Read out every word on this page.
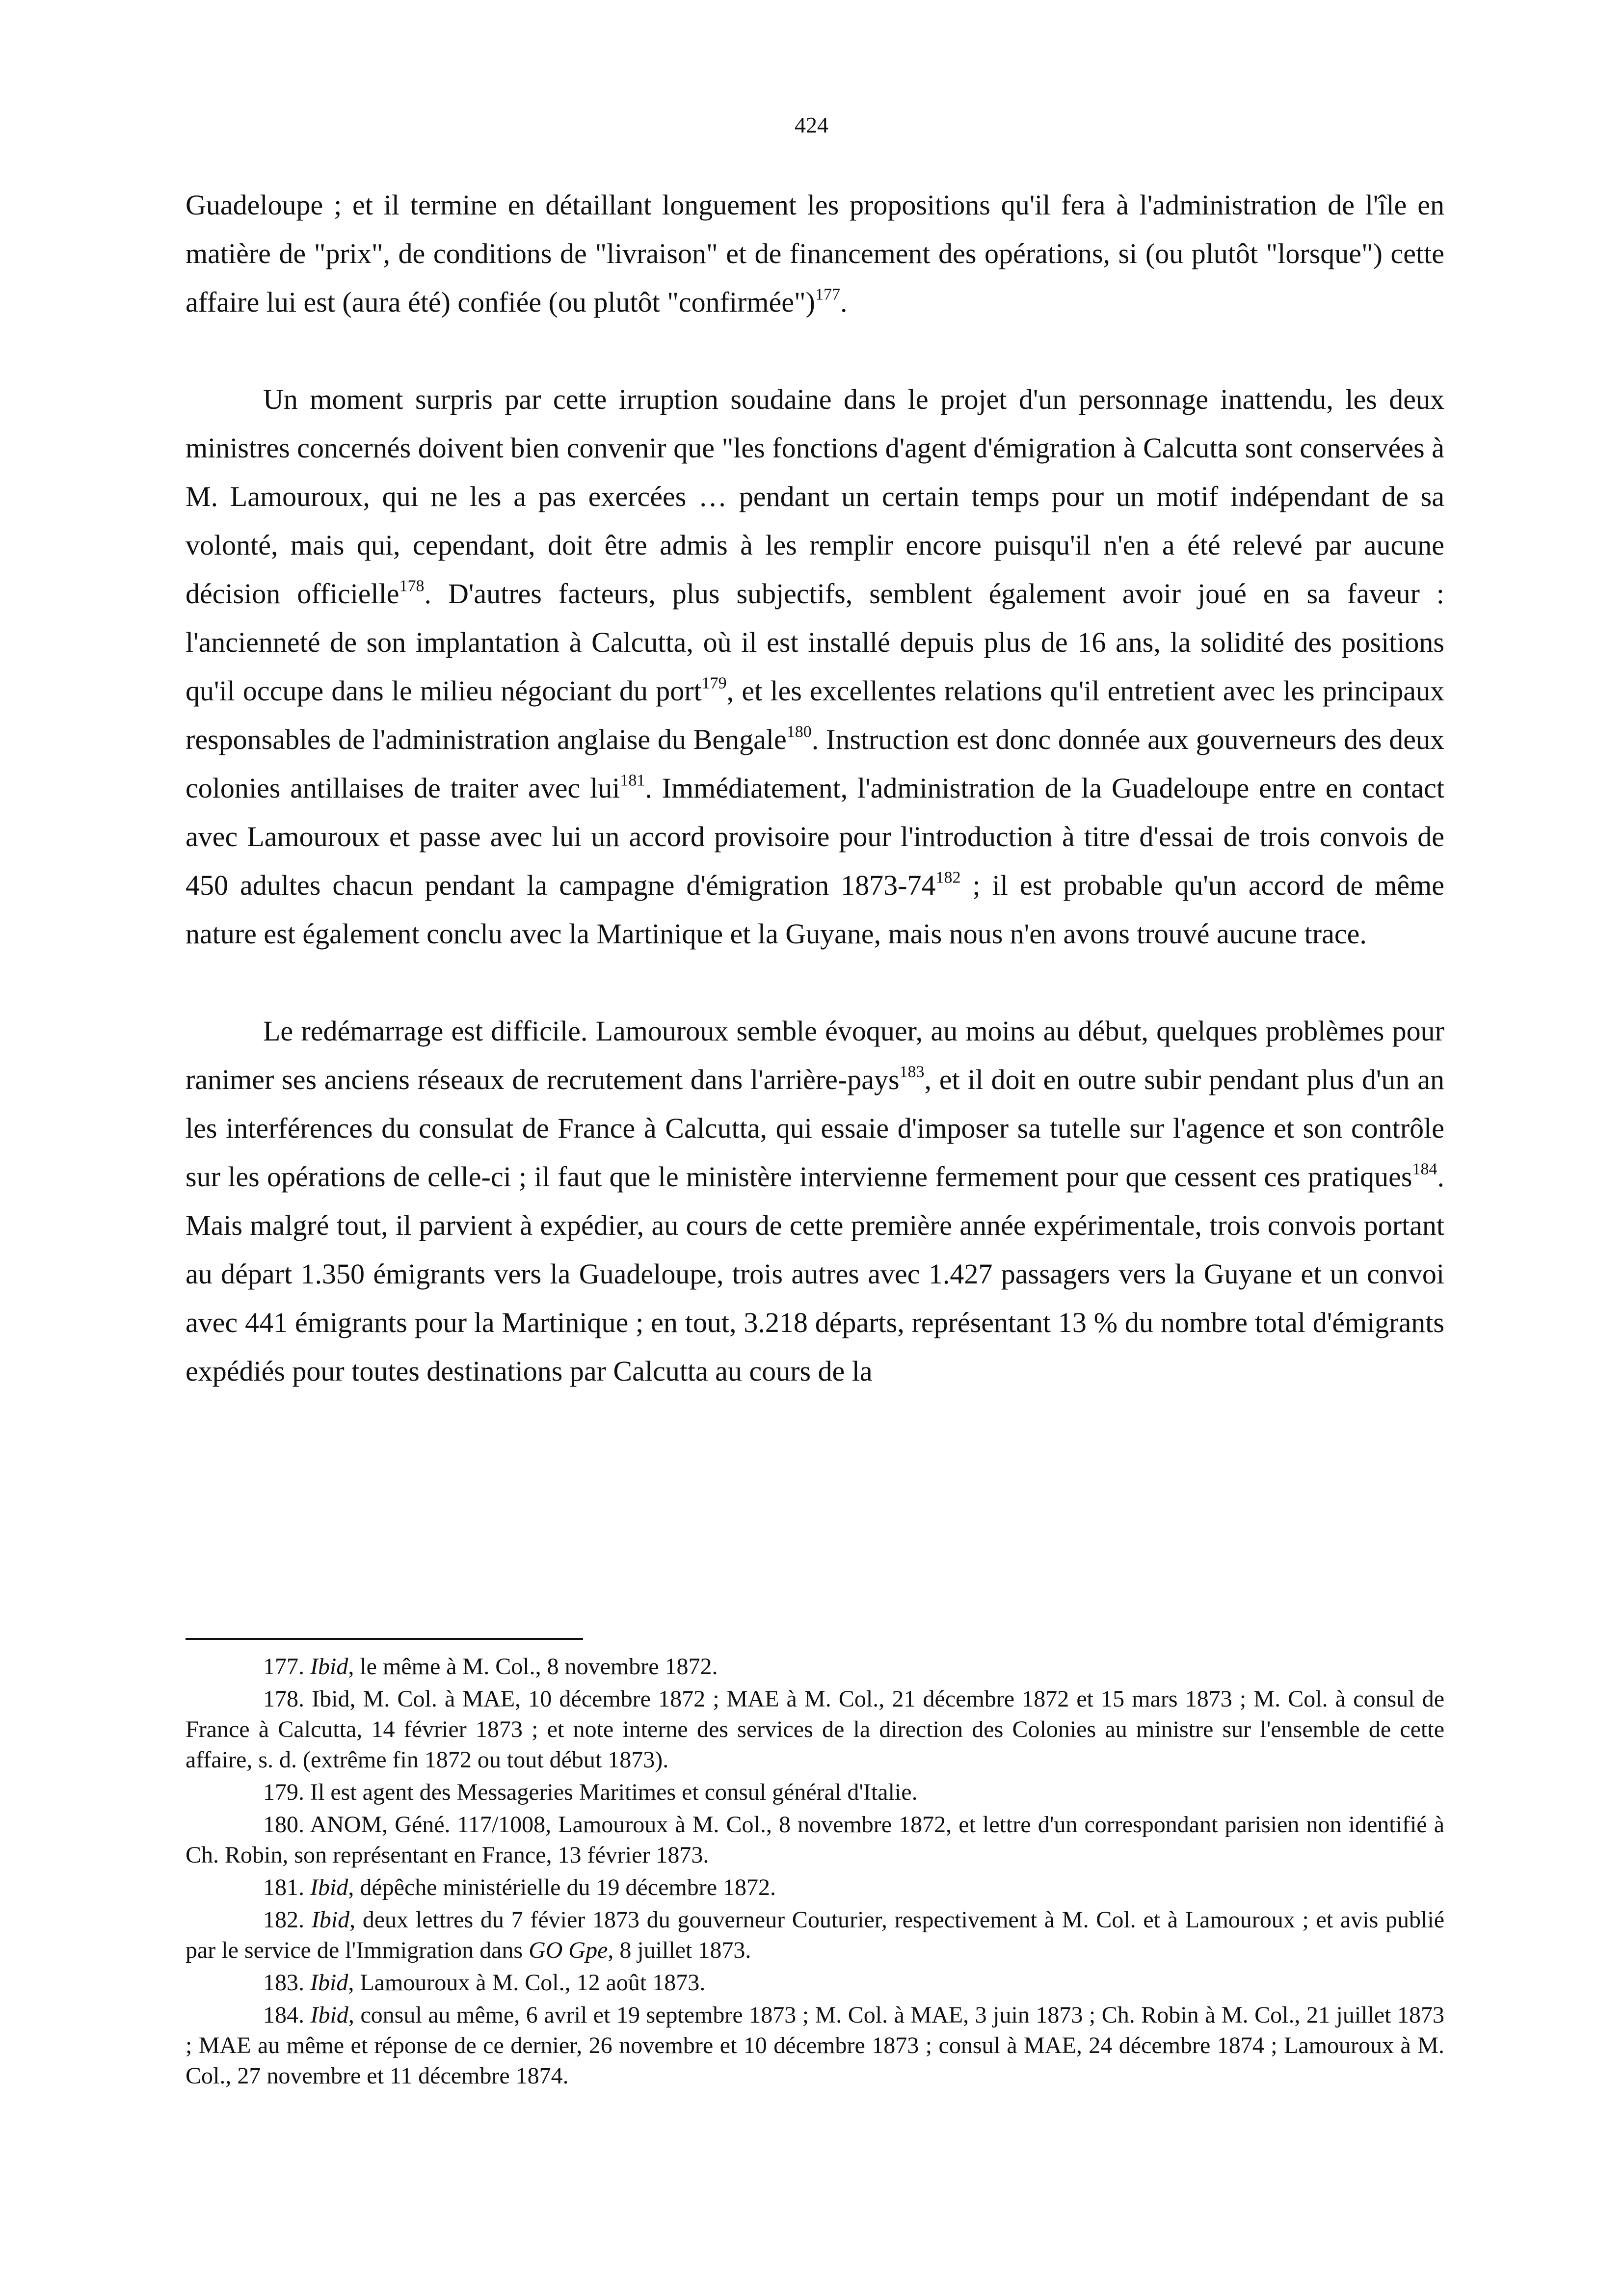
424

Guadeloupe ; et il termine en détaillant longuement les propositions qu'il fera à l'administration de l'île en matière de "prix", de conditions de "livraison" et de financement des opérations, si (ou plutôt "lorsque") cette affaire lui est (aura été) confiée (ou plutôt "confirmée")$^{177}$.

Un moment surpris par cette irruption soudaine dans le projet d'un personnage inattendu, les deux ministres concernés doivent bien convenir que "les fonctions d'agent d'émigration à Calcutta sont conservées à M. Lamouroux, qui ne les a pas exercées … pendant un certain temps pour un motif indépendant de sa volonté, mais qui, cependant, doit être admis à les remplir encore puisqu'il n'en a été relevé par aucune décision officielle$^{178}$. D'autres facteurs, plus subjectifs, semblent également avoir joué en sa faveur : l'ancienneté de son implantation à Calcutta, où il est installé depuis plus de 16 ans, la solidité des positions qu'il occupe dans le milieu négociant du port$^{179}$, et les excellentes relations qu'il entretient avec les principaux responsables de l'administration anglaise du Bengale$^{180}$. Instruction est donc donnée aux gouverneurs des deux colonies antillaises de traiter avec lui$^{181}$. Immédiatement, l'administration de la Guadeloupe entre en contact avec Lamouroux et passe avec lui un accord provisoire pour l'introduction à titre d'essai de trois convois de 450 adultes chacun pendant la campagne d'émigration 1873-74$^{182}$ ; il est probable qu'un accord de même nature est également conclu avec la Martinique et la Guyane, mais nous n'en avons trouvé aucune trace.

Le redémarrage est difficile. Lamouroux semble évoquer, au moins au début, quelques problèmes pour ranimer ses anciens réseaux de recrutement dans l'arrière-pays$^{183}$, et il doit en outre subir pendant plus d'un an les interférences du consulat de France à Calcutta, qui essaie d'imposer sa tutelle sur l'agence et son contrôle sur les opérations de celle-ci ; il faut que le ministère intervienne fermement pour que cessent ces pratiques$^{184}$. Mais malgré tout, il parvient à expédier, au cours de cette première année expérimentale, trois convois portant au départ 1.350 émigrants vers la Guadeloupe, trois autres avec 1.427 passagers vers la Guyane et un convoi avec 441 émigrants pour la Martinique ; en tout, 3.218 départs, représentant 13 % du nombre total d'émigrants expédiés pour toutes destinations par Calcutta au cours de la

177. Ibid, le même à M. Col., 8 novembre 1872.

178. Ibid, M. Col. à MAE, 10 décembre 1872 ; MAE à M. Col., 21 décembre 1872 et 15 mars 1873 ; M. Col. à consul de France à Calcutta, 14 février 1873 ; et note interne des services de la direction des Colonies au ministre sur l'ensemble de cette affaire, s. d. (extrême fin 1872 ou tout début 1873).

179. Il est agent des Messageries Maritimes et consul général d'Italie.

180. ANOM, Géné. 117/1008, Lamouroux à M. Col., 8 novembre 1872, et lettre d'un correspondant parisien non identifié à Ch. Robin, son représentant en France, 13 février 1873.

181. Ibid, dépêche ministérielle du 19 décembre 1872.

182. Ibid, deux lettres du 7 févier 1873 du gouverneur Couturier, respectivement à M. Col. et à Lamouroux ; et avis publié par le service de l'Immigration dans GO Gpe, 8 juillet 1873.

183. Ibid, Lamouroux à M. Col., 12 août 1873.

184. Ibid, consul au même, 6 avril et 19 septembre 1873 ; M. Col. à MAE, 3 juin 1873 ; Ch. Robin à M. Col., 21 juillet 1873 ; MAE au même et réponse de ce dernier, 26 novembre et 10 décembre 1873 ; consul à MAE, 24 décembre 1874 ; Lamouroux à M. Col., 27 novembre et 11 décembre 1874.
